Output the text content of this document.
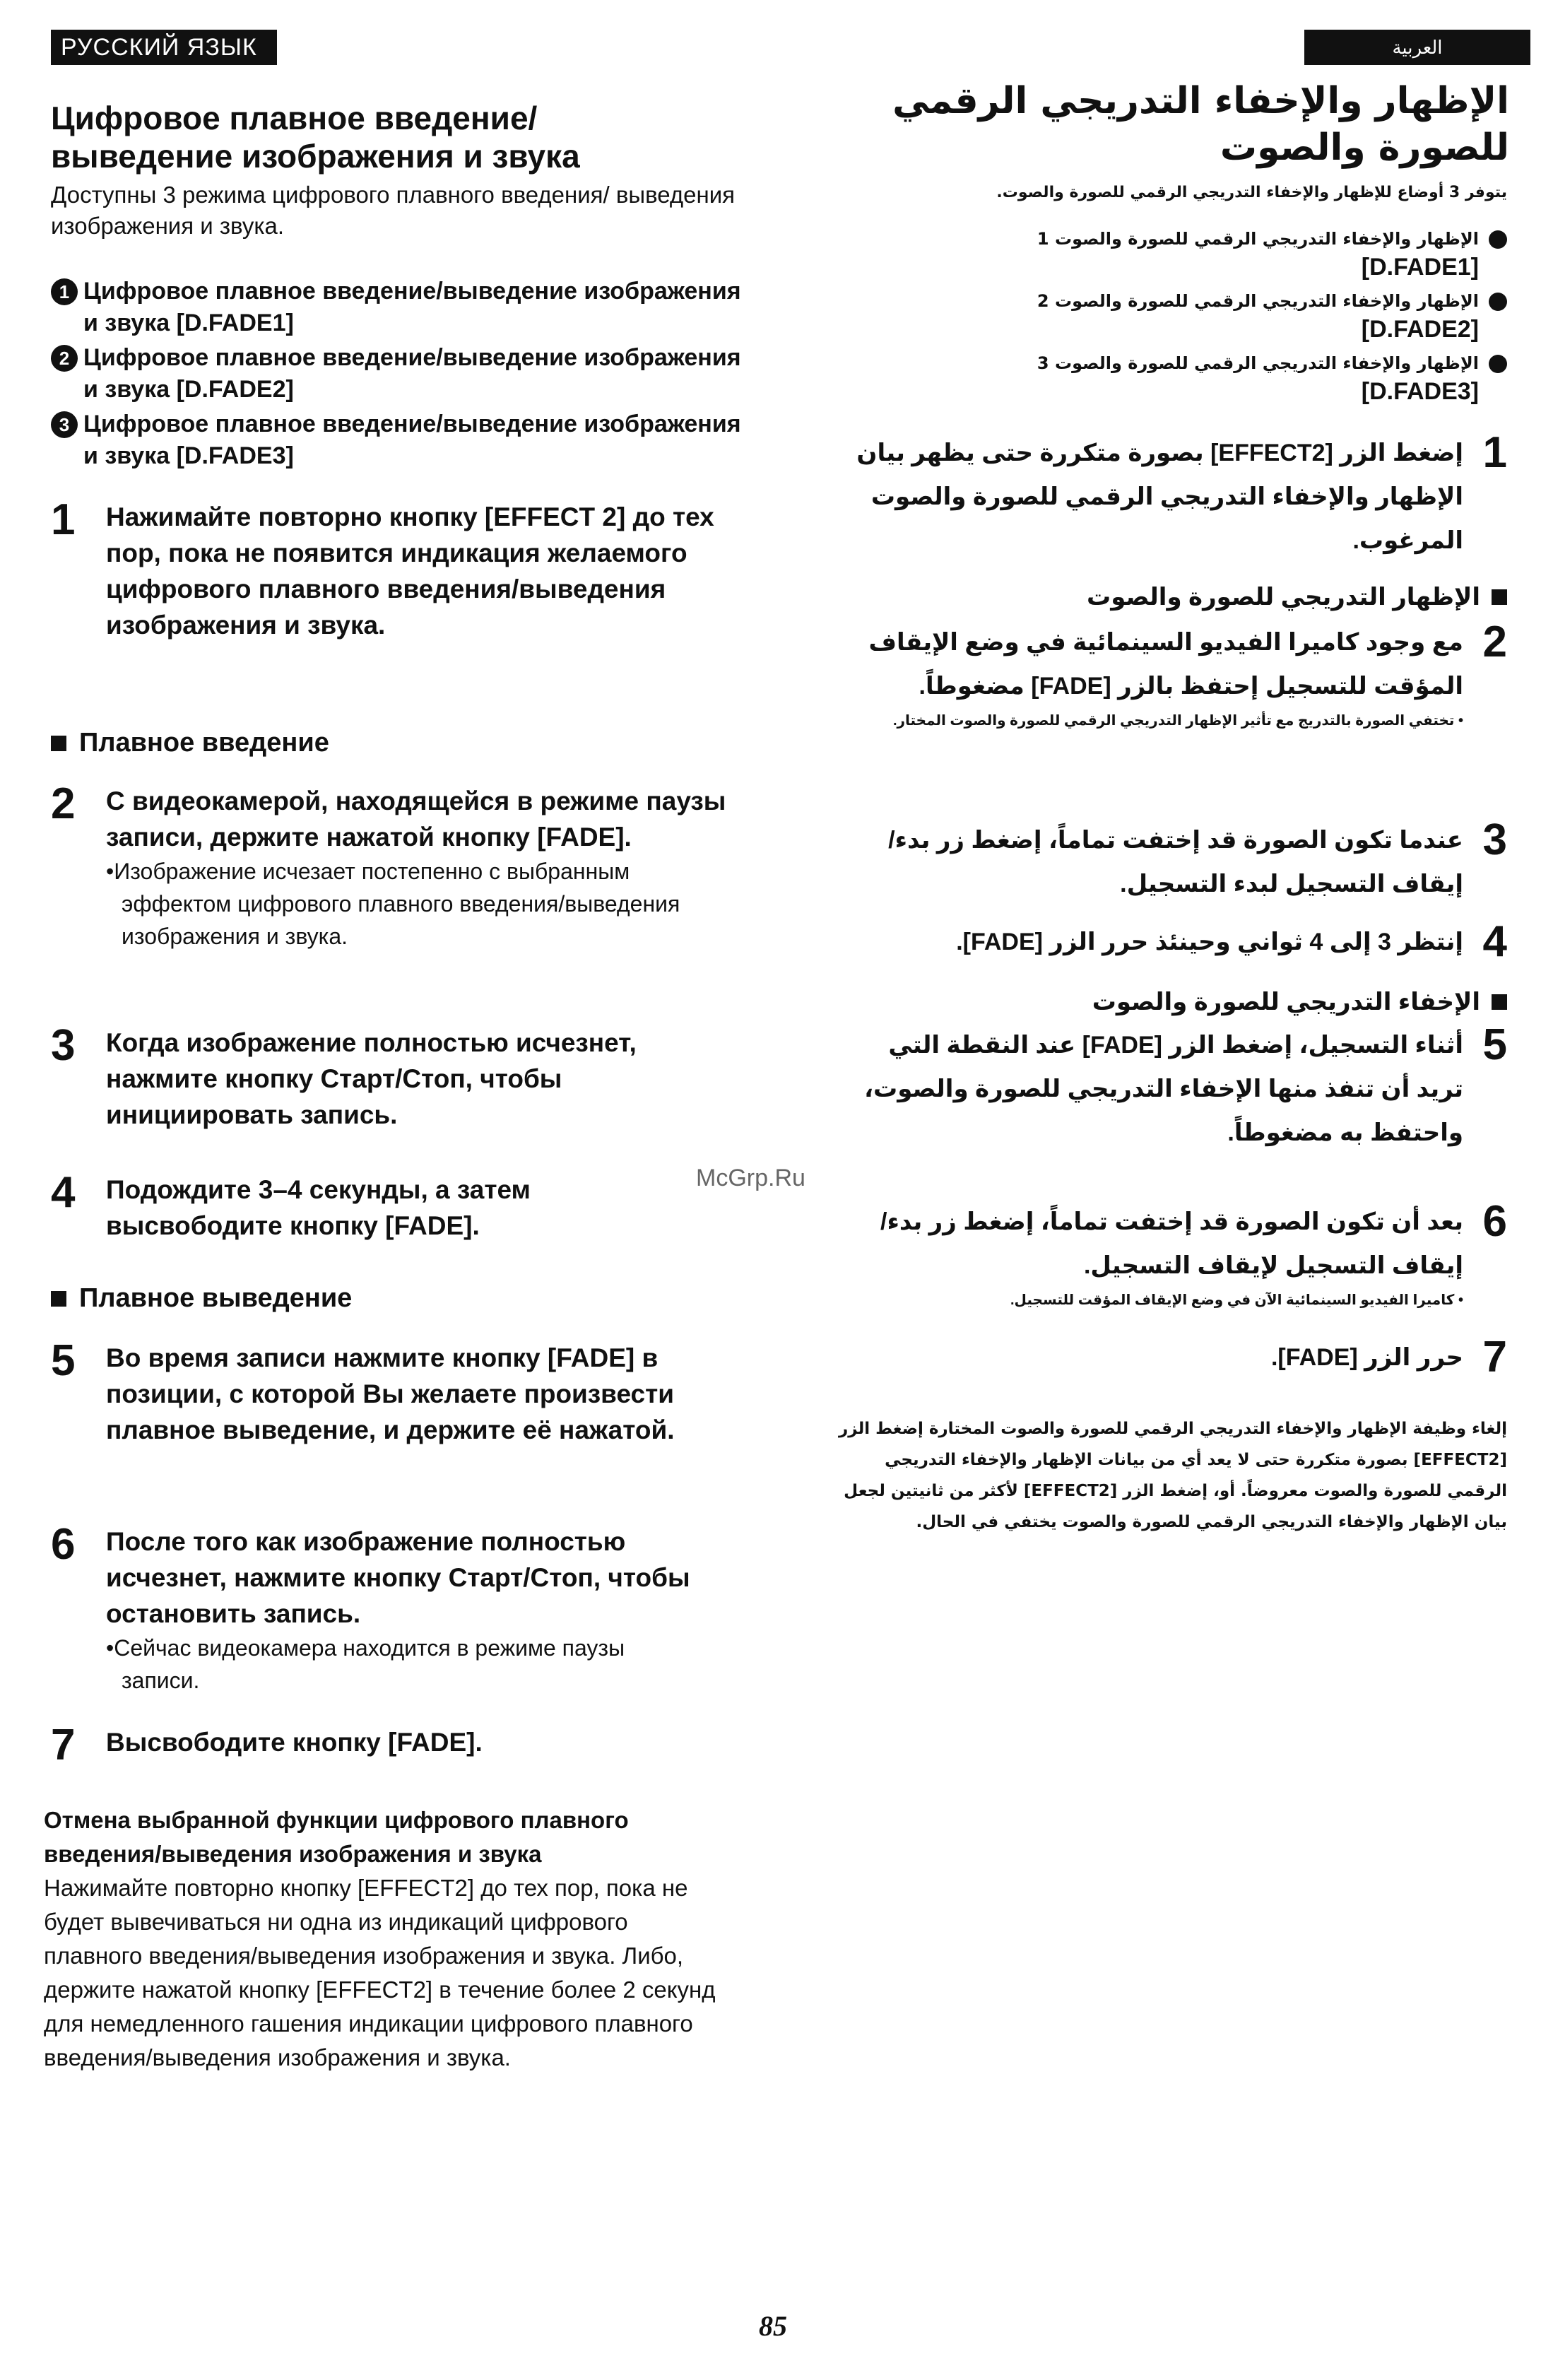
РУССКИЙ ЯЗЫК	العربية
Цифровое плавное введение/
выведение изображения и звука
Доступны 3 режима цифрового плавного введения/ выведения изображения и звука.
1 Цифровое плавное введение/выведение изображения и звука [D.FADE1]
2 Цифровое плавное введение/выведение изображения и звука [D.FADE2]
3 Цифровое плавное введение/выведение изображения и звука [D.FADE3]
1	Нажимайте повторно кнопку [EFFECT 2] до тех пор, пока не появится индикация желаемого цифрового плавного введения/выведения изображения и звука.
Плавное введение
2	С видеокамерой, находящейся в режиме паузы записи, держите нажатой кнопку [FADE].
•Изображение исчезает постепенно с выбранным эффектом цифрового плавного введения/выведения изображения и звука.
3	Когда изображение полностью исчезнет, нажмите кнопку Старт/Стоп, чтобы инициировать запись.
4	Подождите 3–4 секунды, а затем высвободите кнопку [FADE].
Плавное выведение
5	Во время записи нажмите кнопку [FADE] в позиции, с которой Вы желаете произвести плавное выведение, и держите её нажатой.
6	После того как изображение полностью исчезнет, нажмите кнопку Старт/Стоп, чтобы остановить запись.
•Сейчас видеокамера находится в режиме паузы записи.
7	Высвободите кнопку [FADE].
Отмена выбранной функции цифрового плавного введения/выведения изображения и звука
Нажимайте повторно кнопку [EFFECT2] до тех пор, пока не будет вывечиваться ни одна из индикаций цифрового плавного введения/выведения изображения и звука. Либо, держите нажатой кнопку [EFFECT2] в течение более 2 секунд для немедленного гашения индикации цифрового плавного введения/выведения изображения и звука.
الإظهار والإخفاء التدريجي الرقمي للصورة والصوت
يتوفر 3 أوضاع للإظهار والإخفاء التدريجي الرقمي للصورة والصوت.
الإظهار والإخفاء التدريجي الرقمي للصورة والصوت 1
[D.FADE1]
الإظهار والإخفاء التدريجي الرقمي للصورة والصوت 2
[D.FADE2]
الإظهار والإخفاء التدريجي الرقمي للصورة والصوت 3
[D.FADE3]
1
إضغط الزر [EFFECT2] بصورة متكررة حتى يظهر بيان الإظهار والإخفاء التدريجي الرقمي للصورة والصوت المرغوب.
الإظهار التدريجي للصورة والصوت
2
مع وجود كاميرا الفيديو السينمائية في وضع الإيقاف المؤقت للتسجيل إحتفظ بالزر [FADE] مضغوطاً.
• تختفي الصورة بالتدريج مع تأثير الإظهار التدريجي الرقمي للصورة والصوت المختار.
3
عندما تكون الصورة قد إختفت تماماً، إضغط زر بدء/إيقاف التسجيل لبدء التسجيل.
4
إنتظر 3 إلى 4 ثواني وحينئذ حرر الزر [FADE].
الإخفاء التدريجي للصورة والصوت
5
أثناء التسجيل، إضغط الزر [FADE] عند النقطة التي تريد أن تنفذ منها الإخفاء التدريجي للصورة والصوت، واحتفظ به مضغوطاً.
6
بعد أن تكون الصورة قد إختفت تماماً، إضغط زر بدء/إيقاف التسجيل لإيقاف التسجيل.
• كاميرا الفيديو السينمائية الآن في وضع الإيقاف المؤقت للتسجيل.
7
حرر الزر [FADE].
إلغاء وظيفة الإظهار والإخفاء التدريجي الرقمي للصورة والصوت المختارة إضغط الزر [EFFECT2] بصورة متكررة حتى لا يعد أي من بيانات الإظهار والإخفاء التدريجي الرقمي للصورة والصوت معروضاً. أو، إضغط الزر [EFFECT2] لأكثر من ثانيتين لجعل بيان الإظهار والإخفاء التدريجي الرقمي للصورة والصوت يختفي في الحال.
McGrp.Ru
85
